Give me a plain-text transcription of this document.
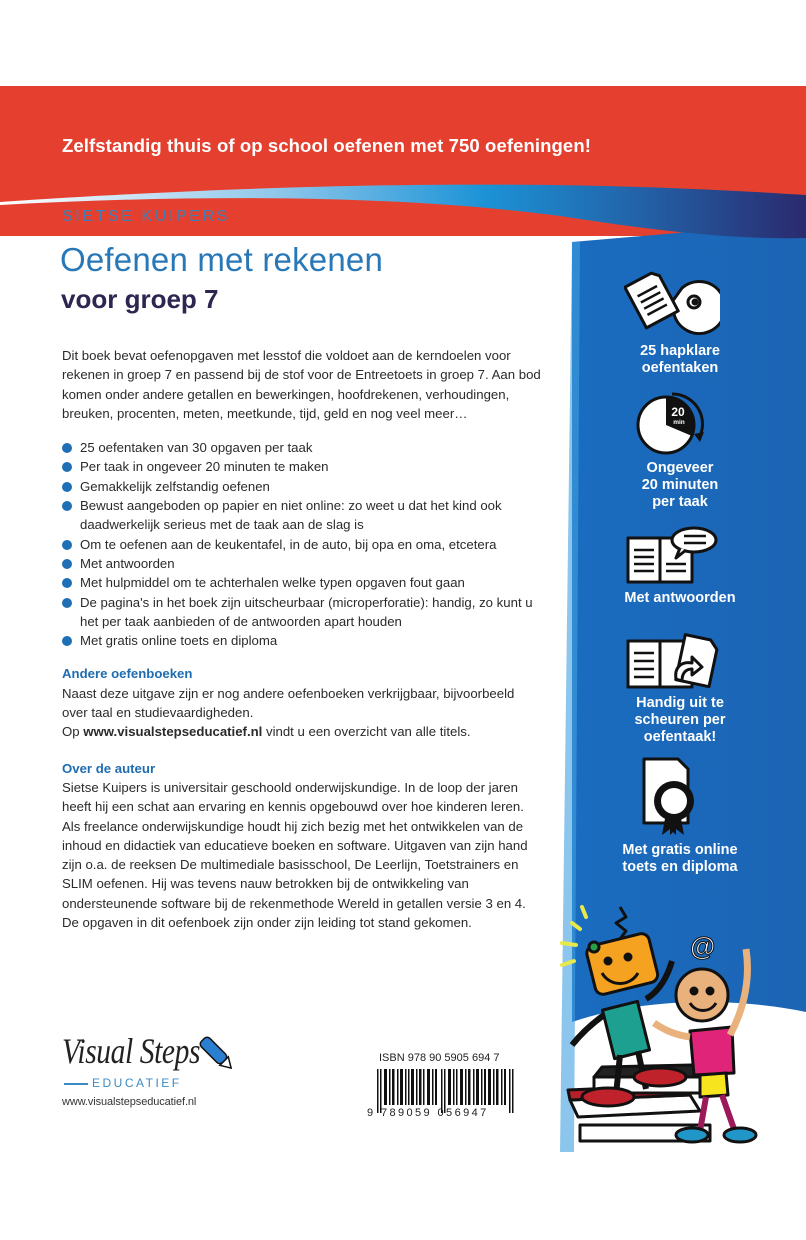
Zelfstandig thuis of op school oefenen met 750 oefeningen!
SIETSE KUIPERS
Oefenen met rekenen
voor groep 7

Dit boek bevat oefenopgaven met lesstof die voldoet aan de kerndoelen voor rekenen in groep 7 en passend bij de stof voor de Entreetoets in groep 7. Aan bod komen onder andere getallen en bewerkingen, hoofdrekenen, verhoudingen, breuken, procenten, meten, meetkunde, tijd, geld en nog veel meer…

25 oefentaken van 30 opgaven per taak
Per taak in ongeveer 20 minuten te maken
Gemakkelijk zelfstandig oefenen
Bewust aangeboden op papier en niet online: zo weet u dat het kind ook daadwerkelijk serieus met de taak aan de slag is
Om te oefenen aan de keukentafel, in de auto, bij opa en oma, etcetera
Met antwoorden
Met hulpmiddel om te achterhalen welke typen opgaven fout gaan
De pagina's in het boek zijn uitscheurbaar (microperforatie): handig, zo kunt u het per taak aanbieden of de antwoorden apart houden
Met gratis online toets en diploma
Andere oefenboeken

Naast deze uitgave zijn er nog andere oefenboeken verkrijgbaar, bijvoorbeeld over taal en studievaardigheden.

Op www.visualstepseducatief.nl vindt u een overzicht van alle titels.

Over de auteur

Sietse Kuipers is universitair geschoold onderwijskundige. In de loop der jaren heeft hij een schat aan ervaring en kennis opgebouwd over hoe kinderen leren. Als freelance onderwijskundige houdt hij zich bezig met het ontwikkelen van de inhoud en didactiek van educatieve boeken en software. Uitgaven van zijn hand zijn o.a. de reeksen De multimediale basisschool, De Leerlijn, Toetstrainers en SLIM oefenen. Hij was tevens nauw betrokken bij de ontwikkeling van ondersteunende software bij de rekenmethode Wereld in getallen versie 3 en 4. De opgaven in dit oefenboek zijn onder zijn leiding tot stand gekomen.

25 hapklare
oefentaken
20
min
Ongeveer
20 minuten
per taak
Met antwoorden
Handig uit te
scheuren per
oefentaak!
Met gratis online
toets en diploma
@
Visual Steps
EDUCATIEF
www.visualstepseducatief.nl
ISBN 978 90 5905 694 7
9 789059 056947
